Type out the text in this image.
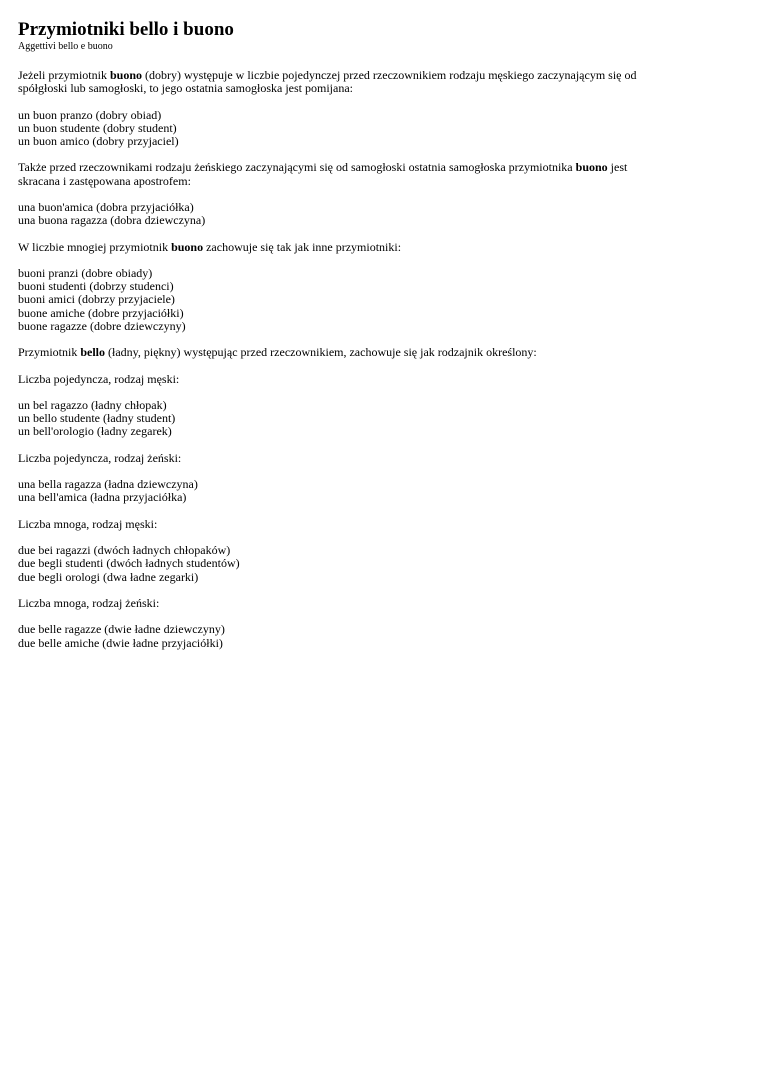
Przymiotniki bello i buono
Aggettivi bello e buono

Jeżeli przymiotnik buono (dobry) występuje w liczbie pojedynczej przed rzeczownikiem rodzaju męskiego zaczynającym się od spółgłoski lub samogłoski, to jego ostatnia samogłoska jest pomijana:

un buon pranzo (dobry obiad)
un buon studente (dobry student)
un buon amico (dobry przyjaciel)

Także przed rzeczownikami rodzaju żeńskiego zaczynającymi się od samogłoski ostatnia samogłoska przymiotnika buono jest skracana i zastępowana apostrofem:

una buon'amica (dobra przyjaciółka)
una buona ragazza (dobra dziewczyna)

W liczbie mnogiej przymiotnik buono zachowuje się tak jak inne przymiotniki:

buoni pranzi (dobre obiady)
buoni studenti (dobrzy studenci)
buoni amici (dobrzy przyjaciele)
buone amiche (dobre przyjaciółki)
buone ragazze (dobre dziewczyny)

Przymiotnik bello (ładny, piękny) występując przed rzeczownikiem, zachowuje się jak rodzajnik określony:

Liczba pojedyncza, rodzaj męski:

un bel ragazzo (ładny chłopak)
un bello studente (ładny student)
un bell'orologio (ładny zegarek)

Liczba pojedyncza, rodzaj żeński:

una bella ragazza (ładna dziewczyna)
una bell'amica (ładna przyjaciółka)

Liczba mnoga, rodzaj męski:

due bei ragazzi (dwóch ładnych chłopaków)
due begli studenti (dwóch ładnych studentów)
due begli orologi (dwa ładne zegarki)

Liczba mnoga, rodzaj żeński:

due belle ragazze (dwie ładne dziewczyny)
due belle amiche (dwie ładne przyjaciółki)
